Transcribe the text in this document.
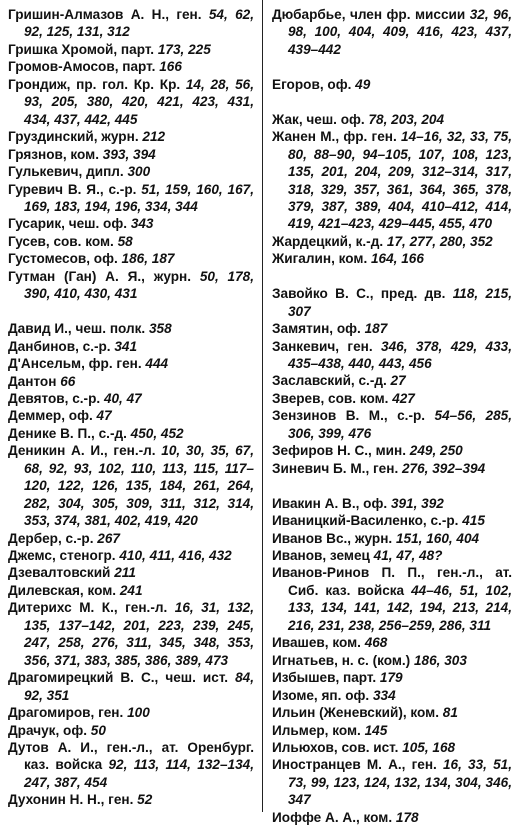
Гришин-Алмазов А. Н., ген. 54, 62, 92, 125, 131, 312
Гришка Хромой, парт. 173, 225
Громов-Амосов, парт. 166
Грондиж, пр. гол. Кр. Кр. 14, 28, 56, 93, 205, 380, 420, 421, 423, 431, 434, 437, 442, 445
Груздинский, журн. 212
Грязнов, ком. 393, 394
Гулькевич, дипл. 300
Гуревич В. Я., с.-р. 51, 159, 160, 167, 169, 183, 194, 196, 334, 344
Гусарик, чеш. оф. 343
Гусев, сов. ком. 58
Густомесов, оф. 186, 187
Гутман (Ган) А. Я., журн. 50, 178, 390, 410, 430, 431
Давид И., чеш. полк. 358
Данбинов, с.-р. 341
Д'Ансельм, фр. ген. 444
Дантон 66
Девятов, с.-р. 40, 47
Деммер, оф. 47
Денике В. П., с.-д. 450, 452
Деникин А. И., ген.-л. 10, 30, 35, 67, 68, 92, 93, 102, 110, 113, 115, 117–120, 122, 126, 135, 184, 261, 264, 282, 304, 305, 309, 311, 312, 314, 353, 374, 381, 402, 419, 420
Дербер, с.-р. 267
Джемс, стеногр. 410, 411, 416, 432
Дзевалтовский 211
Дилевская, ком. 241
Дитерихс М. К., ген.-л. 16, 31, 132, 135, 137–142, 201, 223, 239, 245, 247, 258, 276, 311, 345, 348, 353, 356, 371, 383, 385, 386, 389, 473
Драгомирецкий В. С., чеш. ист. 84, 92, 351
Драгомиров, ген. 100
Драчук, оф. 50
Дутов А. И., ген.-л., ат. Оренбург. каз. войска 92, 113, 114, 132–134, 247, 387, 454
Духонин Н. Н., ген. 52
Дюбарбье, член фр. миссии 32, 96, 98, 100, 404, 409, 416, 423, 437, 439–442
Егоров, оф. 49
Жак, чеш. оф. 78, 203, 204
Жанен М., фр. ген. 14–16, 32, 33, 75, 80, 88–90, 94–105, 107, 108, 123, 135, 201, 204, 209, 312–314, 317, 318, 329, 357, 361, 364, 365, 378, 379, 387, 389, 404, 410–412, 414, 419, 421–423, 429–445, 455, 470
Жардецкий, к.-д. 17, 277, 280, 352
Жигалин, ком. 164, 166
Завойко В. С., пред. дв. 118, 215, 307
Замятин, оф. 187
Занкевич, ген. 346, 378, 429, 433, 435–438, 440, 443, 456
Заславский, с.-д. 27
Зверев, сов. ком. 427
Зензинов В. М., с.-р. 54–56, 285, 306, 399, 476
Зефиров Н. С., мин. 249, 250
Зиневич Б. М., ген. 276, 392–394
Ивакин А. В., оф. 391, 392
Иваницкий-Василенко, с.-р. 415
Иванов Вс., журн. 151, 160, 404
Иванов, земец 41, 47, 48?
Иванов-Ринов П. П., ген.-л., ат. Сиб. каз. войска 44–46, 51, 102, 133, 134, 141, 142, 194, 213, 214, 216, 231, 238, 256–259, 286, 311
Ивашев, ком. 468
Игнатьев, н. с. (ком.) 186, 303
Избышев, парт. 179
Изоме, яп. оф. 334
Ильин (Женевский), ком. 81
Ильмер, ком. 145
Ильюхов, сов. ист. 105, 168
Иностранцев М. А., ген. 16, 33, 51, 73, 99, 123, 124, 132, 134, 304, 346, 347
Иоффе А. А., ком. 178
